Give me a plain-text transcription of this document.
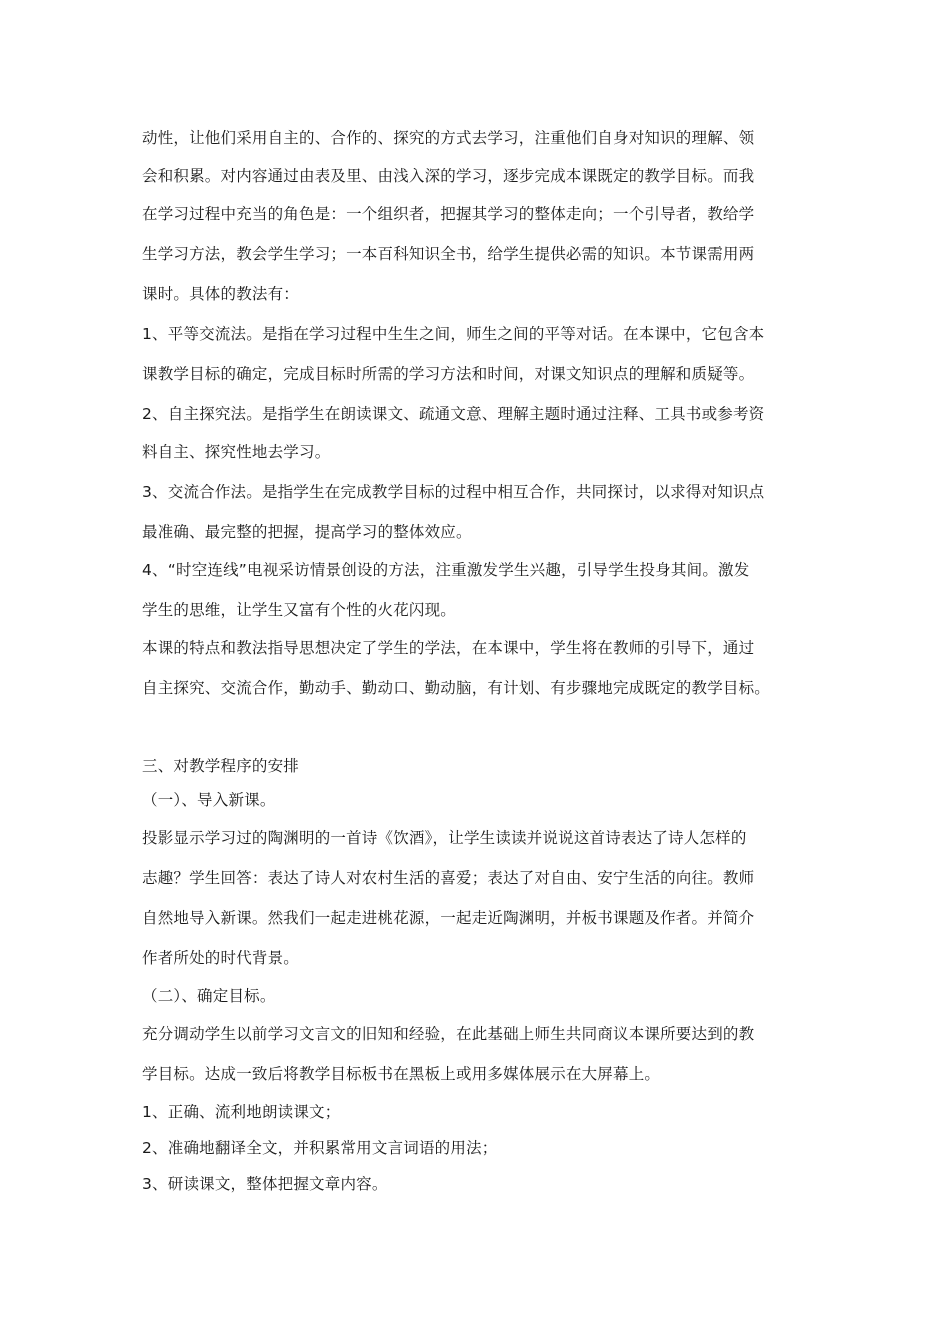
动性，让他们采用自主的、合作的、探究的方式去学习，注重他们自身对知识的理解、领
会和积累。对内容通过由表及里、由浅入深的学习，逐步完成本课既定的教学目标。而我
在学习过程中充当的角色是：一个组织者，把握其学习的整体走向；一个引导者，教给学
生学习方法，教会学生学习；一本百科知识全书，给学生提供必需的知识。本节课需用两
课时。具体的教法有：
1、平等交流法。是指在学习过程中生生之间，师生之间的平等对话。在本课中，它包含本
课教学目标的确定，完成目标时所需的学习方法和时间，对课文知识点的理解和质疑等。
2、自主探究法。是指学生在朗读课文、疏通文意、理解主题时通过注释、工具书或参考资
料自主、探究性地去学习。
3、交流合作法。是指学生在完成教学目标的过程中相互合作，共同探讨，以求得对知识点
最准确、最完整的把握，提高学习的整体效应。
4、“时空连线”电视采访情景创设的方法，注重激发学生兴趣，引导学生投身其间。激发
学生的思维，让学生又富有个性的火花闪现。
本课的特点和教法指导思想决定了学生的学法，在本课中，学生将在教师的引导下，通过
自主探究、交流合作，勤动手、勤动口、勤动脑，有计划、有步骤地完成既定的教学目标。
三、对教学程序的安排
（一）、导入新课。
投影显示学习过的陶渊明的一首诗《饮酒》，让学生读读并说说这首诗表达了诗人怎样的
志趣？学生回答：表达了诗人对农村生活的喜爱；表达了对自由、安宁生活的向往。教师
自然地导入新课。然我们一起走进桃花源，一起走近陶渊明，并板书课题及作者。并简介
作者所处的时代背景。
（二）、确定目标。
充分调动学生以前学习文言文的旧知和经验，在此基础上师生共同商议本课所要达到的教
学目标。达成一致后将教学目标板书在黑板上或用多媒体展示在大屏幕上。
1、正确、流利地朗读课文；
2、准确地翻译全文，并积累常用文言词语的用法；
3、研读课文，整体把握文章内容。
